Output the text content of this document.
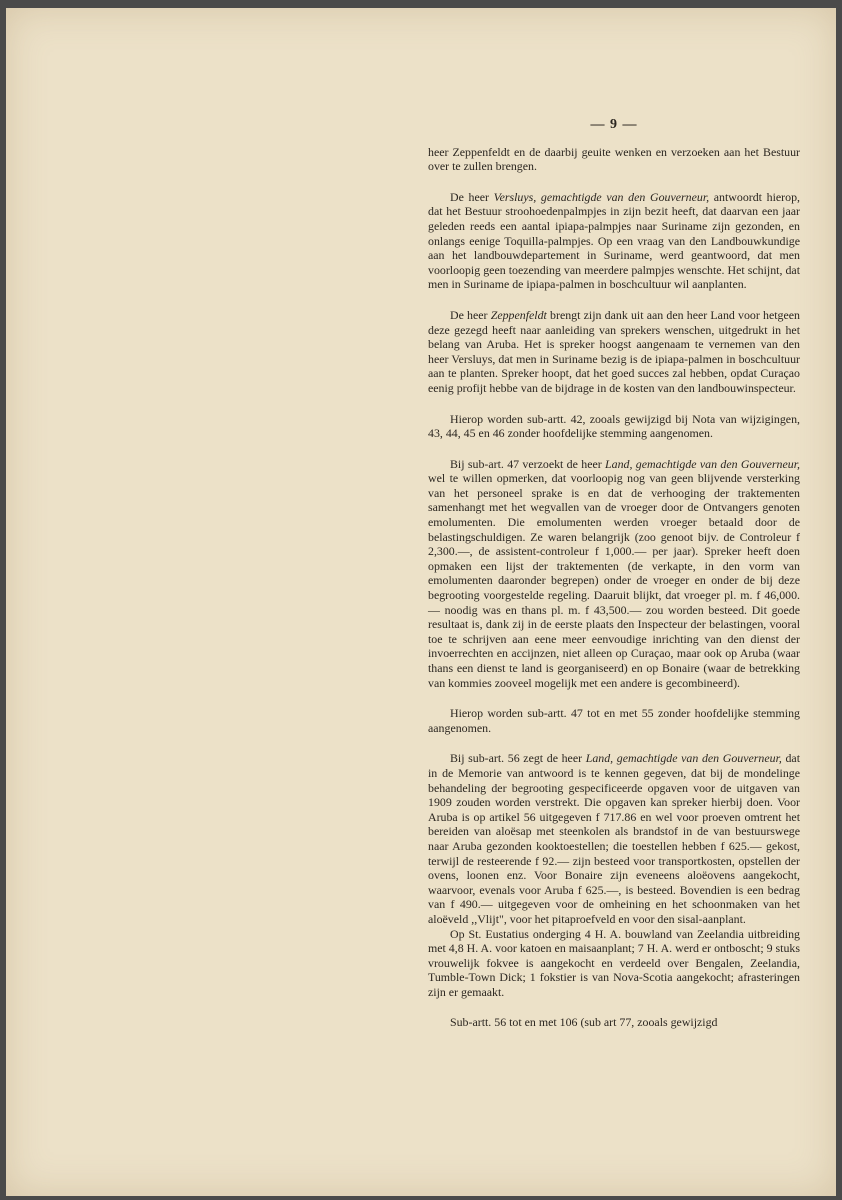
— 9 —

heer Zeppenfeldt en de daarbij geuite wenken en verzoeken aan het Bestuur over te zullen brengen.

De heer Versluys, gemachtigde van den Gouverneur, antwoordt hierop, dat het Bestuur stroohoedenpalmpjes in zijn bezit heeft, dat daarvan een jaar geleden reeds een aantal ipiapa-palmpjes naar Suriname zijn gezonden, en onlangs eenige Toquilla-palmpjes. Op een vraag van den Landbouwkundige aan het landbouwdepartement in Suriname, werd geantwoord, dat men voorloopig geen toezending van meerdere palmpjes wenschte. Het schijnt, dat men in Suriname de ipiapa-palmen in boschcultuur wil aanplanten.

De heer Zeppenfeldt brengt zijn dank uit aan den heer Land voor hetgeen deze gezegd heeft naar aanleiding van sprekers wenschen, uitgedrukt in het belang van Aruba. Het is spreker hoogst aangenaam te vernemen van den heer Versluys, dat men in Suriname bezig is de ipiapa-palmen in boschcultuur aan te planten. Spreker hoopt, dat het goed succes zal hebben, opdat Curaçao eenig profijt hebbe van de bijdrage in de kosten van den landbouwinspecteur.

Hierop worden sub-artt. 42, zooals gewijzigd bij Nota van wijzigingen, 43, 44, 45 en 46 zonder hoofdelijke stemming aangenomen.

Bij sub-art. 47 verzoekt de heer Land, gemachtigde van den Gouverneur, wel te willen opmerken, dat voorloopig nog van geen blijvende versterking van het personeel sprake is en dat de verhooging der traktementen samenhangt met het wegvallen van de vroeger door de Ontvangers genoten emolumenten. Die emolumenten werden vroeger betaald door de belastingschuldigen. Ze waren belangrijk (zoo genoot bijv. de Controleur f 2,300.—, de assistent-controleur f 1,000.— per jaar). Spreker heeft doen opmaken een lijst der traktementen (de verkapte, in den vorm van emolumenten daaronder begrepen) onder de vroeger en onder de bij deze begrooting voorgestelde regeling. Daaruit blijkt, dat vroeger pl. m. f 46,000.— noodig was en thans pl. m. f 43,500.— zou worden besteed. Dit goede resultaat is, dank zij in de eerste plaats den Inspecteur der belastingen, vooral toe te schrijven aan eene meer eenvoudige inrichting van den dienst der invoerrechten en accijnzen, niet alleen op Curaçao, maar ook op Aruba (waar thans een dienst te land is georganiseerd) en op Bonaire (waar de betrekking van kommies zooveel mogelijk met een andere is gecombineerd).

Hierop worden sub-artt. 47 tot en met 55 zonder hoofdelijke stemming aangenomen.

Bij sub-art. 56 zegt de heer Land, gemachtigde van den Gouverneur, dat in de Memorie van antwoord is te kennen gegeven, dat bij de mondelinge behandeling der begrooting gespecificeerde opgaven voor de uitgaven van 1909 zouden worden verstrekt. Die opgaven kan spreker hierbij doen. Voor Aruba is op artikel 56 uitgegeven f 717.86 en wel voor proeven omtrent het bereiden van aloësap met steenkolen als brandstof in de van bestuurswege naar Aruba gezonden kooktoestellen; die toestellen hebben f 625.— gekost, terwijl de resteerende f 92.— zijn besteed voor transportkosten, opstellen der ovens, loonen enz. Voor Bonaire zijn eveneens aloëovens aangekocht, waarvoor, evenals voor Aruba f 625.—, is besteed. Bovendien is een bedrag van f 490.— uitgegeven voor de omheining en het schoonmaken van het aloëveld ,,Vlijt", voor het pitaproefveld en voor den sisal-aanplant.

Op St. Eustatius onderging 4 H. A. bouwland van Zeelandia uitbreiding met 4,8 H. A. voor katoen en maisaanplant; 7 H. A. werd er ontboscht; 9 stuks vrouwelijk fokvee is aangekocht en verdeeld over Bengalen, Zeelandia, Tumble-Town Dick; 1 fokstier is van Nova-Scotia aangekocht; afrasteringen zijn er gemaakt.

Sub-artt. 56 tot en met 106 (sub art 77, zooals gewijzigd
